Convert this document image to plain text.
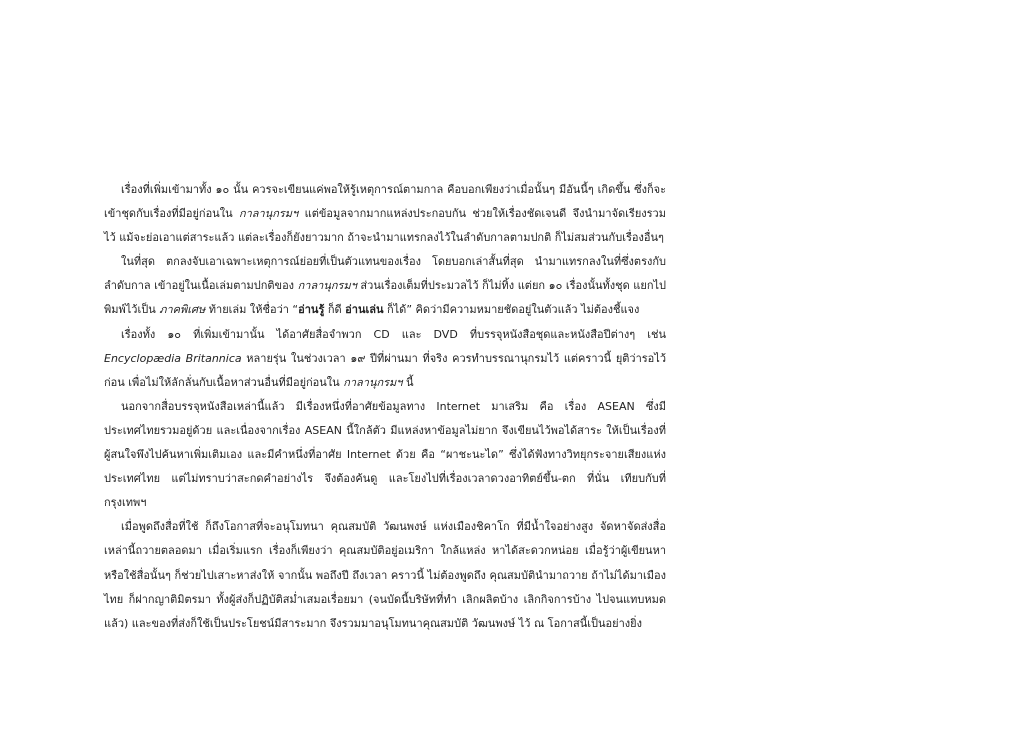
เรื่องที่เพิ่มเข้ามาทั้ง ๑๐ นั้น ควรจะเขียนแค่พอให้รู้เหตุการณ์ตามกาล คือบอกเพียงว่าเมื่อนั้นๆ มีอันนี้ๆ เกิดขึ้น ซึ่งก็จะเข้าชุดกับเรื่องที่มีอยู่ก่อนใน กาลานุกรมฯ แต่ข้อมูลจากมากแหล่งประกอบกัน ช่วยให้เรื่องชัดเจนดี จึงนำมาจัดเรียงรวมไว้ แม้จะย่อเอาแต่สาระแล้ว แต่ละเรื่องก็ยังยาวมาก ถ้าจะนำมาแทรกลงไว้ในลำดับกาลตามปกติ ก็ไม่สมส่วนกับเรื่องอื่นๆ

ในที่สุด ตกลงจับเอาเฉพาะเหตุการณ์ย่อยที่เป็นตัวแทนของเรื่อง โดยบอกเล่าสั้นที่สุด นำมาแทรกลงในที่ซึ่งตรงกับลำดับกาล เข้าอยู่ในเนื้อเล่มตามปกติของ กาลานุกรมฯ ส่วนเรื่องเต็มที่ประมวลไว้ ก็ไม่ทิ้ง แต่ยก ๑๐ เรื่องนั้นทั้งชุด แยกไปพิมพ์ไว้เป็น ภาคพิเศษ ท้ายเล่ม ให้ชื่อว่า “อ่านรู้ ก็ดี อ่านเล่น ก็ได้” คิดว่ามีความหมายชัดอยู่ในตัวแล้ว ไม่ต้องชี้แจง

เรื่องทั้ง ๑๐ ที่เพิ่มเข้ามานั้น ได้อาศัยสื่อจำพวก CD และ DVD ที่บรรจุหนังสือชุดและหนังสือปีต่างๆ เช่น Encyclopædia Britannica หลายรุ่น ในช่วงเวลา ๑๙ ปีที่ผ่านมา ที่จริง ควรทำบรรณานุกรมไว้ แต่คราวนี้ ยุติว่ารอไว้ก่อน เพื่อไม่ให้ลักลั่นกับเนื้อหาส่วนอื่นที่มีอยู่ก่อนใน กาลานุกรมฯ นี้

นอกจากสื่อบรรจุหนังสือเหล่านี้แล้ว มีเรื่องหนึ่งที่อาศัยข้อมูลทาง Internet มาเสริม คือ เรื่อง ASEAN ซึ่งมีประเทศไทยรวมอยู่ด้วย และเนื่องจากเรื่อง ASEAN นี้ใกล้ตัว มีแหล่งหาข้อมูลไม่ยาก จึงเขียนไว้พอได้สาระ ให้เป็นเรื่องที่ผู้สนใจพึงไปค้นหาเพิ่มเติมเอง และมีคำหนึ่งที่อาศัย Internet ด้วย คือ “ผาชะนะได” ซึ่งได้ฟังทางวิทยุกระจายเสียงแห่งประเทศไทย แต่ไม่ทราบว่าสะกดคำอย่างไร จึงต้องค้นดู และโยงไปที่เรื่องเวลาดวงอาทิตย์ขึ้น-ตก ที่นั่น เทียบกับที่กรุงเทพฯ

เมื่อพูดถึงสื่อที่ใช้ ก็ถึงโอกาสที่จะอนุโมทนา คุณสมบัติ วัฒนพงษ์ แห่งเมืองชิคาโก ที่มีน้ำใจอย่างสูง จัดหาจัดส่งสื่อเหล่านี้ถวายตลอดมา เมื่อเริ่มแรก เรื่องก็เพียงว่า คุณสมบัติอยู่อเมริกา ใกล้แหล่ง หาได้สะดวกหน่อย เมื่อรู้ว่าผู้เขียนหาหรือใช้สื่อนั้นๆ ก็ช่วยไปเสาะหาส่งให้ จากนั้น พอถึงปี ถึงเวลา คราวนี้ ไม่ต้องพูดถึง คุณสมบัตินำมาถวาย ถ้าไม่ได้มาเมืองไทย ก็ฝากญาติมิตรมา ทั้งผู้ส่งก็ปฏิบัติสม่ำเสมอเรื่อยมา (จนบัดนี้บริษัทที่ทำ เลิกผลิตบ้าง เลิกกิจการบ้าง ไปจนแทบหมดแล้ว) และของที่ส่งก็ใช้เป็นประโยชน์มีสาระมาก จึงรวมมาอนุโมทนาคุณสมบัติ วัฒนพงษ์ ไว้ ณ โอกาสนี้เป็นอย่างยิ่ง
